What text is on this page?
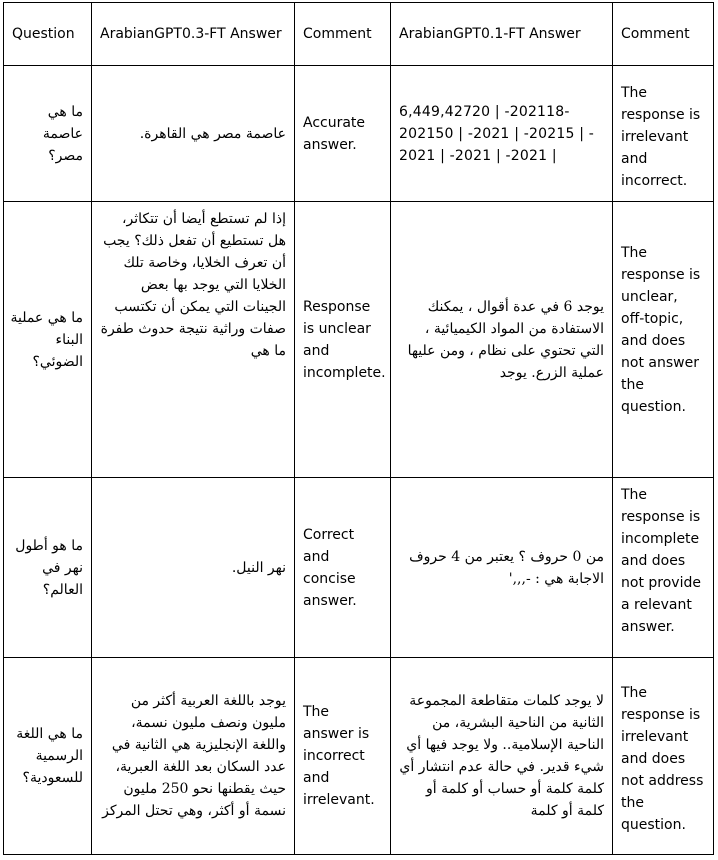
Question	ArabianGPT0.3-FT Answer	Comment	ArabianGPT0.1-FT Answer	Comment
ما هي عاصمة مصر؟	عاصمة مصر هي القاهرة.	Accurate answer.	6,449,42720 | -202118- 202150 | -2021 | -20215 | - 2021 | -2021 | -2021 |	The response is irrelevant and incorrect.
ما هي عملية البناء الضوئي؟	إذا لم تستطع أيضا أن تتكاثر، هل تستطيع أن تفعل ذلك؟ يجب أن تعرف الخلايا، وخاصة تلك الخلايا التي يوجد بها بعض الجينات التي يمكن أن تكتسب صفات وراثية نتيجة حدوث طفرة ما هي	Response is unclear and incomplete.	يوجد 6 في عدة أقوال ، يمكنك الاستفادة من المواد الكيميائية ، التي تحتوي على نظام ، ومن عليها عملية الزرع. يوجد	The response is unclear, off-topic, and does not answer the question.
ما هو أطول نهر في العالم؟	نهر النيل.	Correct and concise answer.	من 0 حروف ؟ يعتبر من 4 حروف الاجابة هي : -,,,'	The response is incomplete and does not provide a relevant answer.
ما هي اللغة الرسمية للسعودية؟	يوجد باللغة العربية أكثر من مليون ونصف مليون نسمة، واللغة الإنجليزية هي الثانية في عدد السكان بعد اللغة العبرية، حيث يقطنها نحو 250 مليون نسمة أو أكثر، وهي تحتل المركز	The answer is incorrect and irrelevant.	لا يوجد كلمات متقاطعة المجموعة الثانية من الناحية البشرية، من الناحية الإسلامية.. ولا يوجد فيها أي شيء قدير. في حالة عدم انتشار أي كلمة كلمة أو حساب أو كلمة أو كلمة أو كلمة	The response is irrelevant and does not address the question.
